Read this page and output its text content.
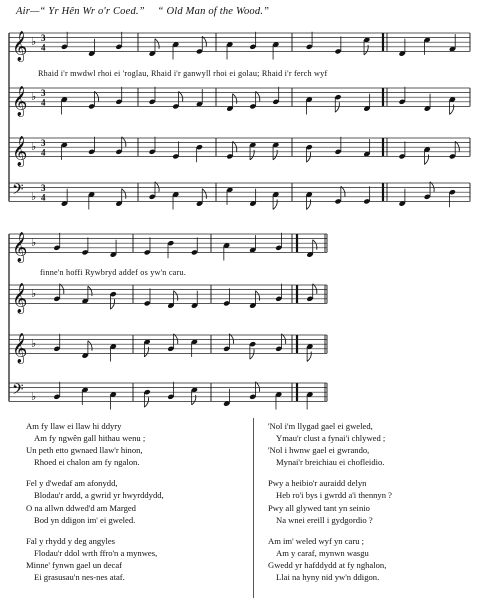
Air—“ Yr Hên Wr o'r Coed.” “ Old Man of the Wood.”
𝄞 ♭ 3
4
𝄞 ♭ 3
4
𝄞 ♭ 3
4
𝄢 ♭
3
4
𝄞 ♭
𝄞 ♭
𝄞 ♭
𝄢 ♭
Rhaid i'r mwdwl rhoi ei 'roglau, Rhaid i'r ganwyll rhoi ei golau; Rhaid i'r ferch wyf
finne'n hoffi Rywbryd addef os yw'n caru.
Am fy llaw ei llaw hi ddyry
Am fy ngwên gall hithau wenu ;
Un peth etto gwnaed llaw'r hinon,
Rhoed ei chalon am fy ngalon.
Fel y d'wedaf am afonydd,
Blodau'r ardd, a gwrid yr hwyrddydd,
O na allwn ddwed'd am Marged
Bod yn ddigon im' ei gweled.
Fal y rhydd y deg angyles
Flodau'r ddol wrth ffro'n a mynwes,
Minne' fynwn gael un decaf
Ei grasusau'n nes-nes ataf.
'Nol i'm llygad gael ei gweled,
Ymau'r clust a fynai'i chlywed ;
'Nol i hwnw gael ei gwrando,
Mynai'r breichiau ei chofleidio.
Pwy a heibio'r auraidd delyn
Heb ro'i bys i gwrdd a'i thennyn ?
Pwy all glywed tant yn seinio
Na wnei ereill i gydgordio ?
Am im' weled wyf yn caru ;
Am y caraf, mynwn wasgu
Gwedd yr hafddydd at fy nghalon,
Llai na hyny nid yw'n ddigon.
